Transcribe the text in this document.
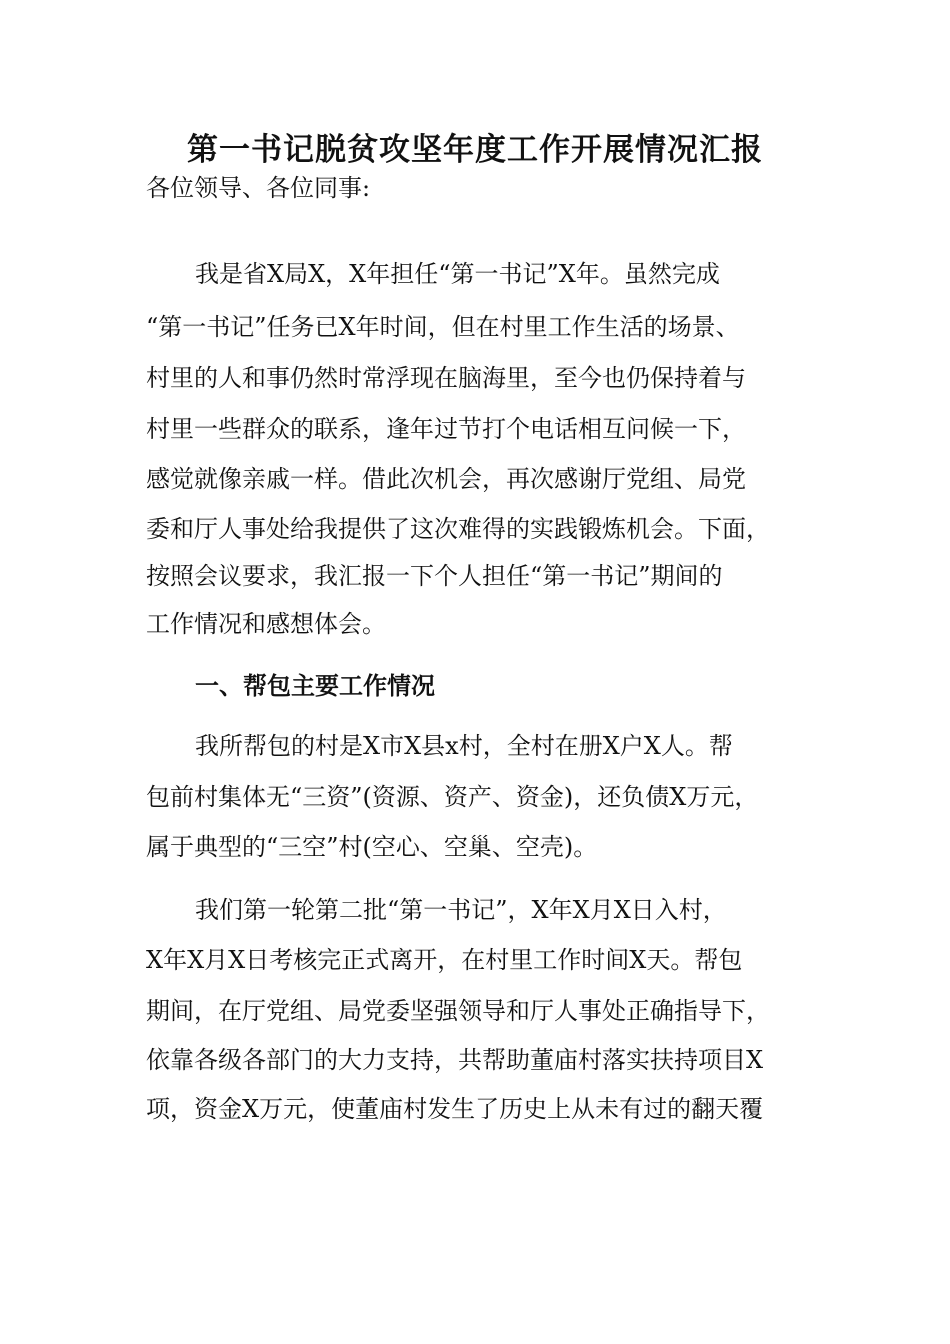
第一书记脱贫攻坚年度工作开展情况汇报

各位领导、各位同事:

我是省X局X，X年担任“第一书记”X年。虽然完成

“第一书记”任务已X年时间，但在村里工作生活的场景、

村里的人和事仍然时常浮现在脑海里，至今也仍保持着与

村里一些群众的联系，逢年过节打个电话相互问候一下，

感觉就像亲戚一样。借此次机会，再次感谢厅党组、局党

委和厅人事处给我提供了这次难得的实践锻炼机会。下面，

按照会议要求，我汇报一下个人担任“第一书记”期间的

工作情况和感想体会。

一、帮包主要工作情况

我所帮包的村是X市X县x村，全村在册X户X人。帮

包前村集体无“三资”(资源、资产、资金)，还负债X万元，

属于典型的“三空”村(空心、空巢、空壳)。

我们第一轮第二批“第一书记”，X年X月X日入村，

X年X月X日考核完正式离开，在村里工作时间X天。帮包

期间，在厅党组、局党委坚强领导和厅人事处正确指导下，

依靠各级各部门的大力支持，共帮助董庙村落实扶持项目X

项，资金X万元，使董庙村发生了历史上从未有过的翻天覆
